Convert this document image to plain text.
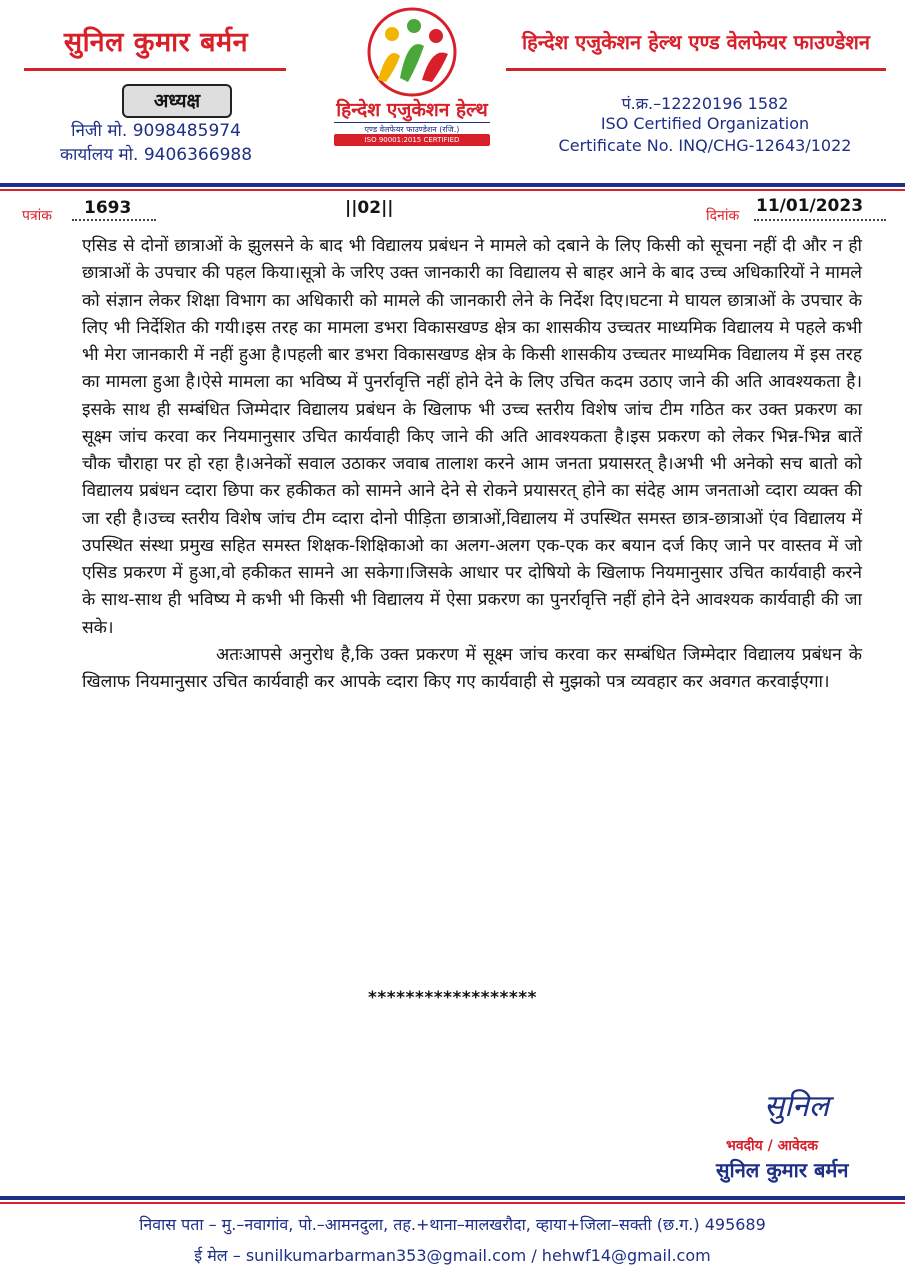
सुनिल कुमार बर्मन
अध्यक्ष
निजी मो. 9098485974
कार्यालय मो. 9406366988
हिन्देश एजुकेशन हेल्थ
एण्ड वेलफेयर फाउण्डेशन (रजि.)
ISO 90001:2015 CERTIFIED
हिन्देश एजुकेशन हेल्थ एण्ड वेलफेयर फाउण्डेशन
पं.क्र.–12220196 1582
ISO Certified Organization
Certificate No. INQ/CHG-12643/1022
पत्रांक 1693	||02||	दिनांक 11/01/2023

एसिड से दोनों छात्राओं के झुलसने के बाद भी विद्यालय प्रबंधन ने मामले को दबाने के लिए किसी को सूचना नहीं दी और न ही छात्राओं के उपचार की पहल किया।सूत्रो के जरिए उक्त जानकारी का विद्यालय से बाहर आने के बाद उच्च अधिकारियों ने मामले को संज्ञान लेकर शिक्षा विभाग का अधिकारी को मामले की जानकारी लेने के निर्देश दिए।घटना मे घायल छात्राओं के उपचार के लिए भी निर्देशित की गयी।इस तरह का मामला डभरा विकासखण्ड क्षेत्र का शासकीय उच्चतर माध्यमिक विद्यालय मे पहले कभी भी मेरा जानकारी में नहीं हुआ है।पहली बार डभरा विकासखण्ड क्षेत्र के किसी शासकीय उच्चतर माध्यमिक विद्यालय में इस तरह का मामला हुआ है।ऐसे मामला का भविष्य में पुनर्रावृत्ति नहीं होने देने के लिए उचित कदम उठाए जाने की अति आवश्यकता है।इसके साथ ही सम्बंधित जिम्मेदार विद्यालय प्रबंधन के खिलाफ भी उच्च स्तरीय विशेष जांच टीम गठित कर उक्त प्रकरण का सूक्ष्म जांच करवा कर नियमानुसार उचित कार्यवाही किए जाने की अति आवश्यकता है।इस प्रकरण को लेकर भिन्न-भिन्न बातें चौक चौराहा पर हो रहा है।अनेकों सवाल उठाकर जवाब तालाश करने आम जनता प्रयासरत् है।अभी भी अनेको सच बातो को विद्यालय प्रबंधन व्दारा छिपा कर हकीकत को सामने आने देने से रोकने प्रयासरत् होने का संदेह आम जनताओ व्दारा व्यक्त की जा रही है।उच्च स्तरीय विशेष जांच टीम व्दारा दोनो पीड़िता छात्राओं,विद्यालय में उपस्थित समस्त छात्र-छात्राओं एंव विद्यालय में उपस्थित संस्था प्रमुख सहित समस्त शिक्षक-शिक्षिकाओ का अलग-अलग एक-एक कर बयान दर्ज किए जाने पर वास्तव में जो एसिड प्रकरण में हुआ,वो हकीकत सामने आ सकेगा।जिसके आधार पर दोषियो के खिलाफ नियमानुसार उचित कार्यवाही करने के साथ-साथ ही भविष्य मे कभी भी किसी भी विद्यालय में ऐसा प्रकरण का पुनर्रावृत्ति नहीं होने देने आवश्यक कार्यवाही की जा सके।

अतःआपसे अनुरोध है,कि उक्त प्रकरण में सूक्ष्म जांच करवा कर सम्बंधित जिम्मेदार विद्यालय प्रबंधन के खिलाफ नियमानुसार उचित कार्यवाही कर आपके व्दारा किए गए कार्यवाही से मुझको पत्र व्यवहार कर अवगत करवाईएगा।

******************
सुनिल
भवदीय / आवेदक
सुनिल कुमार बर्मन
निवास पता – मु.–नवागांव, पो.–आमनदुला, तह.+थाना–मालखरौदा, व्हाया+जिला–सक्ती (छ.ग.) 495689
ई मेल – sunilkumarbarman353@gmail.com / hehwf14@gmail.com
